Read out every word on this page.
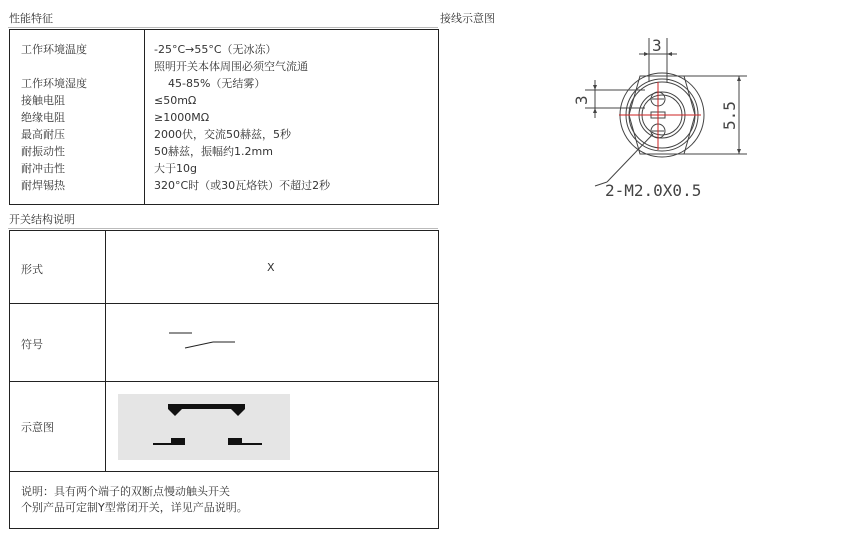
性能特征
工作环境温度	-25°C→55°C（无冰冻）
照明开关本体周围必须空气流通
工作环境湿度	45-85%（无结雾）
接触电阻	≤50mΩ
绝缘电阻	≥1000MΩ
最高耐压	2000伏，交流50赫兹，5秒
耐振动性	50赫兹，振幅约1.2mm
耐冲击性	大于10g
耐焊锡热	320°C时（或30瓦烙铁）不超过2秒
开关结构说明
形式	X
符号
示意图
说明：具有两个端子的双断点慢动触头开关
个别产品可定制Y型常闭开关，详见产品说明。
接线示意图
3
3
5.5
2-M2.0X0.5
